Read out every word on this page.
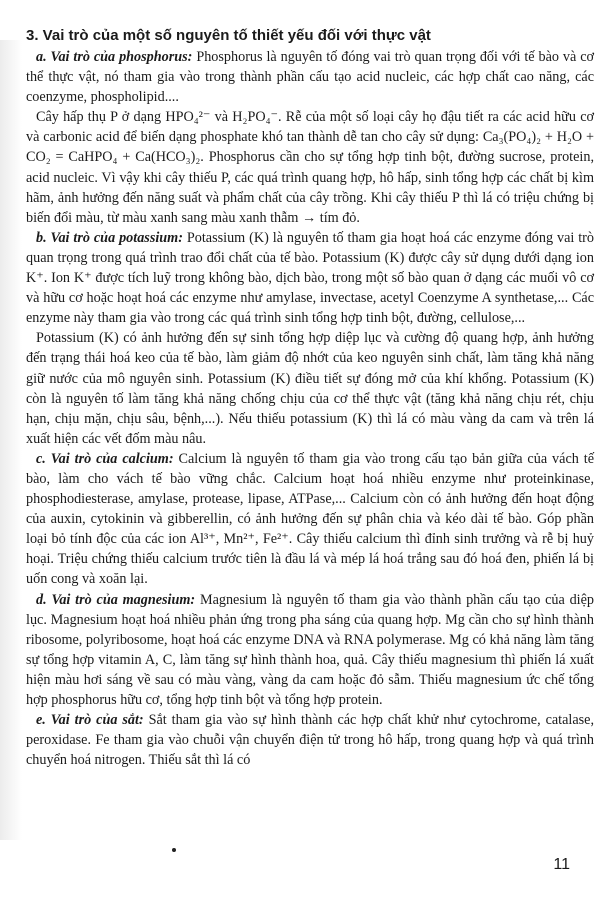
3. Vai trò của một số nguyên tố thiết yếu đối với thực vật

a. Vai trò của phosphorus: Phosphorus là nguyên tố đóng vai trò quan trọng đối với tế bào và cơ thể thực vật, nó tham gia vào trong thành phần cấu tạo acid nucleic, các hợp chất cao năng, các coenzyme, phospholipid....

Cây hấp thụ P ở dạng HPO₄²⁻ và H₂PO₄⁻. Rễ của một số loại cây họ đậu tiết ra các acid hữu cơ và carbonic acid để biến dạng phosphate khó tan thành dễ tan cho cây sử dụng: Ca₃(PO₄)₂ + H₂O + CO₂ = CaHPO₄ + Ca(HCO₃)₂. Phosphorus cần cho sự tổng hợp tinh bột, đường sucrose, protein, acid nucleic. Vì vậy khi cây thiếu P, các quá trình quang hợp, hô hấp, sinh tổng hợp các chất bị kìm hãm, ảnh hưởng đến năng suất và phẩm chất của cây trồng. Khi cây thiếu P thì lá có triệu chứng bị biến đổi màu, từ màu xanh sang màu xanh thẫm → tím đỏ.

b. Vai trò của potassium: Potassium (K) là nguyên tố tham gia hoạt hoá các enzyme đóng vai trò quan trọng trong quá trình trao đổi chất của tế bào. Potassium (K) được cây sử dụng dưới dạng ion K⁺. Ion K⁺ được tích luỹ trong không bào, dịch bào, trong một số bào quan ở dạng các muối vô cơ và hữu cơ hoặc hoạt hoá các enzyme như amylase, invectase, acetyl Coenzyme A synthetase,... Các enzyme này tham gia vào trong các quá trình sinh tổng hợp tinh bột, đường, cellulose,...

Potassium (K) có ảnh hưởng đến sự sinh tổng hợp diệp lục và cường độ quang hợp, ảnh hưởng đến trạng thái hoá keo của tế bào, làm giảm độ nhớt của keo nguyên sinh chất, làm tăng khả năng giữ nước của mô nguyên sinh. Potassium (K) điều tiết sự đóng mở của khí khổng. Potassium (K) còn là nguyên tố làm tăng khả năng chống chịu của cơ thể thực vật (tăng khả năng chịu rét, chịu hạn, chịu mặn, chịu sâu, bệnh,...). Nếu thiếu potassium (K) thì lá có màu vàng da cam và trên lá xuất hiện các vết đốm màu nâu.

c. Vai trò của calcium: Calcium là nguyên tố tham gia vào trong cấu tạo bản giữa của vách tế bào, làm cho vách tế bào vững chắc. Calcium hoạt hoá nhiều enzyme như proteinkinase, phosphodiesterase, amylase, protease, lipase, ATPase,... Calcium còn có ảnh hưởng đến hoạt động của auxin, cytokinin và gibberellin, có ảnh hưởng đến sự phân chia và kéo dài tế bào. Góp phần loại bỏ tính độc của các ion Al³⁺, Mn²⁺, Fe²⁺. Cây thiếu calcium thì đỉnh sinh trưởng và rễ bị huỷ hoại. Triệu chứng thiếu calcium trước tiên là đầu lá và mép lá hoá trắng sau đó hoá đen, phiến lá bị uốn cong và xoăn lại.

d. Vai trò của magnesium: Magnesium là nguyên tố tham gia vào thành phần cấu tạo của diệp lục. Magnesium hoạt hoá nhiều phản ứng trong pha sáng của quang hợp. Mg cần cho sự hình thành ribosome, polyribosome, hoạt hoá các enzyme DNA và RNA polymerase. Mg có khả năng làm tăng sự tổng hợp vitamin A, C, làm tăng sự hình thành hoa, quả. Cây thiếu magnesium thì phiến lá xuất hiện màu hơi sáng về sau có màu vàng, vàng da cam hoặc đỏ sẫm. Thiếu magnesium ức chế tổng hợp phosphorus hữu cơ, tổng hợp tinh bột và tổng hợp protein.

e. Vai trò của sắt: Sắt tham gia vào sự hình thành các hợp chất khử như cytochrome, catalase, peroxidase. Fe tham gia vào chuỗi vận chuyển điện tử trong hô hấp, trong quang hợp và quá trình chuyển hoá nitrogen. Thiếu sắt thì lá có

11
